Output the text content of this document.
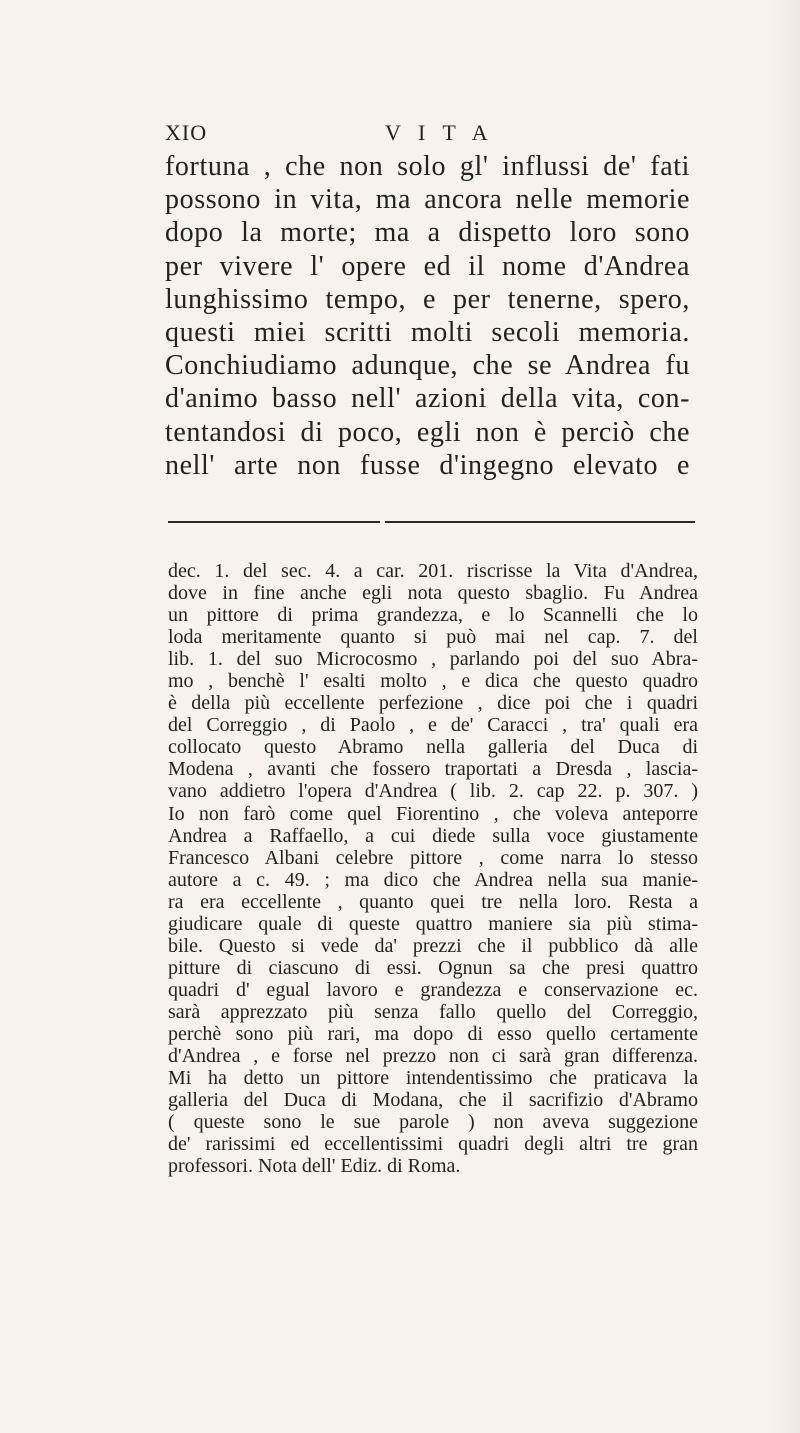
XIO	V I T A
fortuna , che non solo gl' influssi de' fati
possono in vita, ma ancora nelle memorie
dopo la morte; ma a dispetto loro sono
per vivere l' opere ed il nome d'Andrea
lunghissimo tempo, e per tenerne, spero,
questi miei scritti molti secoli memoria.
Conchiudiamo adunque, che se Andrea fu
d'animo basso nell' azioni della vita, con-
tentandosi di poco, egli non è perciò che
nell' arte non fusse d'ingegno elevato e
dec. 1. del sec. 4. a car. 201. riscrisse la Vita d'Andrea,
dove in fine anche egli nota questo sbaglio. Fu Andrea
un pittore di prima grandezza, e lo Scannelli che lo
loda meritamente quanto si può mai nel cap. 7. del
lib. 1. del suo Microcosmo , parlando poi del suo Abra-
mo , benchè l' esalti molto , e dica che questo quadro
è della più eccellente perfezione , dice poi che i quadri
del Correggio , di Paolo , e de' Caracci , tra' quali era
collocato questo Abramo nella galleria del Duca di
Modena , avanti che fossero traportati a Dresda , lascia-
vano addietro l'opera d'Andrea ( lib. 2. cap 22. p. 307. )
Io non farò come quel Fiorentino , che voleva anteporre
Andrea a Raffaello, a cui diede sulla voce giustamente
Francesco Albani celebre pittore , come narra lo stesso
autore a c. 49. ; ma dico che Andrea nella sua manie-
ra era eccellente , quanto quei tre nella loro. Resta a
giudicare quale di queste quattro maniere sia più stima-
bile. Questo si vede da' prezzi che il pubblico dà alle
pitture di ciascuno di essi. Ognun sa che presi quattro
quadri d' egual lavoro e grandezza e conservazione ec.
sarà apprezzato più senza fallo quello del Correggio,
perchè sono più rari, ma dopo di esso quello certamente
d'Andrea , e forse nel prezzo non ci sarà gran differenza.
Mi ha detto un pittore intendentissimo che praticava la
galleria del Duca di Modana, che il sacrifizio d'Abramo
( queste sono le sue parole ) non aveva suggezione
de' rarissimi ed eccellentissimi quadri degli altri tre gran
professori. Nota dell' Ediz. di Roma.
